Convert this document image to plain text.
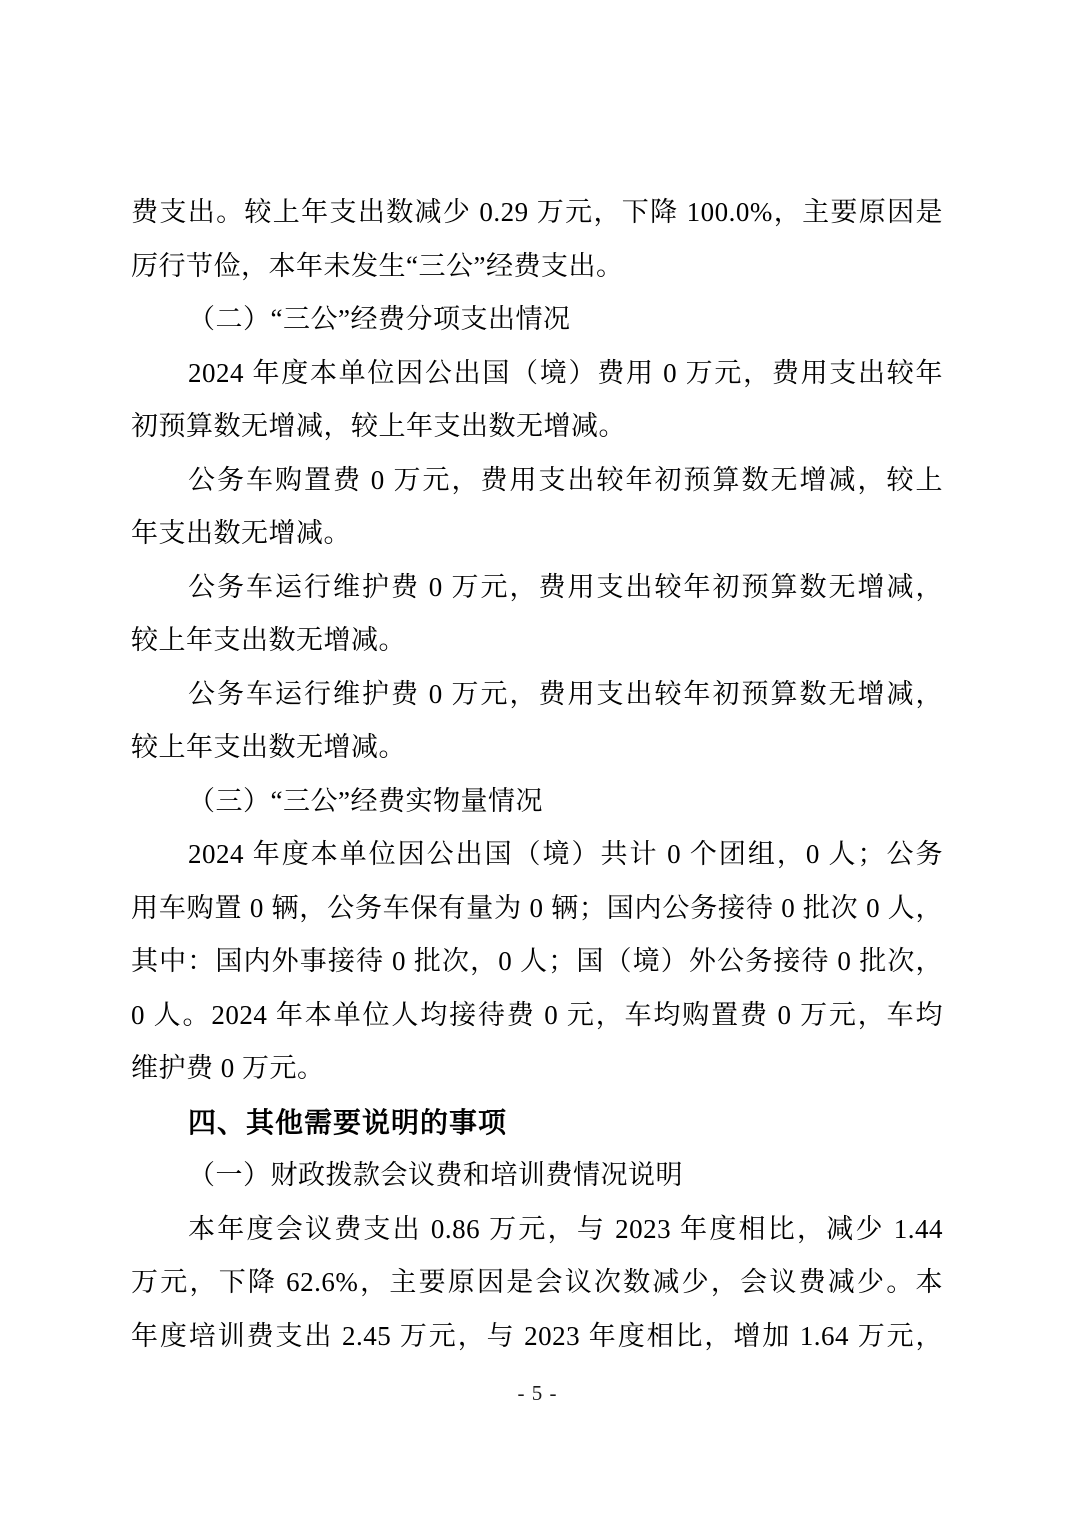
费支出。较上年支出数减少 0.29 万元，下降 100.0%，主要原因是
厉行节俭，本年未发生“三公”经费支出。
（二）“三公”经费分项支出情况
2024 年度本单位因公出国（境）费用 0 万元，费用支出较年
初预算数无增减，较上年支出数无增减。
公务车购置费 0 万元，费用支出较年初预算数无增减，较上
年支出数无增减。
公务车运行维护费 0 万元，费用支出较年初预算数无增减，
较上年支出数无增减。
公务车运行维护费 0 万元，费用支出较年初预算数无增减，
较上年支出数无增减。
（三）“三公”经费实物量情况
2024 年度本单位因公出国（境）共计 0 个团组，0 人；公务
用车购置 0 辆，公务车保有量为 0 辆；国内公务接待 0 批次 0 人，
其中：国内外事接待 0 批次，0 人；国（境）外公务接待 0 批次，
0 人。2024 年本单位人均接待费 0 元，车均购置费 0 万元，车均
维护费 0 万元。
四、其他需要说明的事项
（一）财政拨款会议费和培训费情况说明
本年度会议费支出 0.86 万元，与 2023 年度相比，减少 1.44
万元，下降 62.6%，主要原因是会议次数减少，会议费减少。本
年度培训费支出 2.45 万元，与 2023 年度相比，增加 1.64 万元，
- 5 -
